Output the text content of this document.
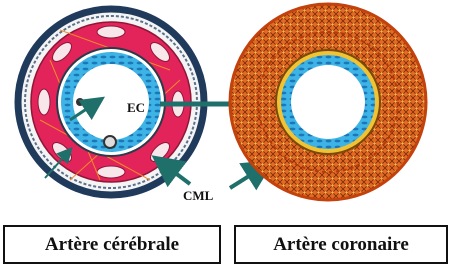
EC
CML
Artère cérébrale	Artère coronaire
